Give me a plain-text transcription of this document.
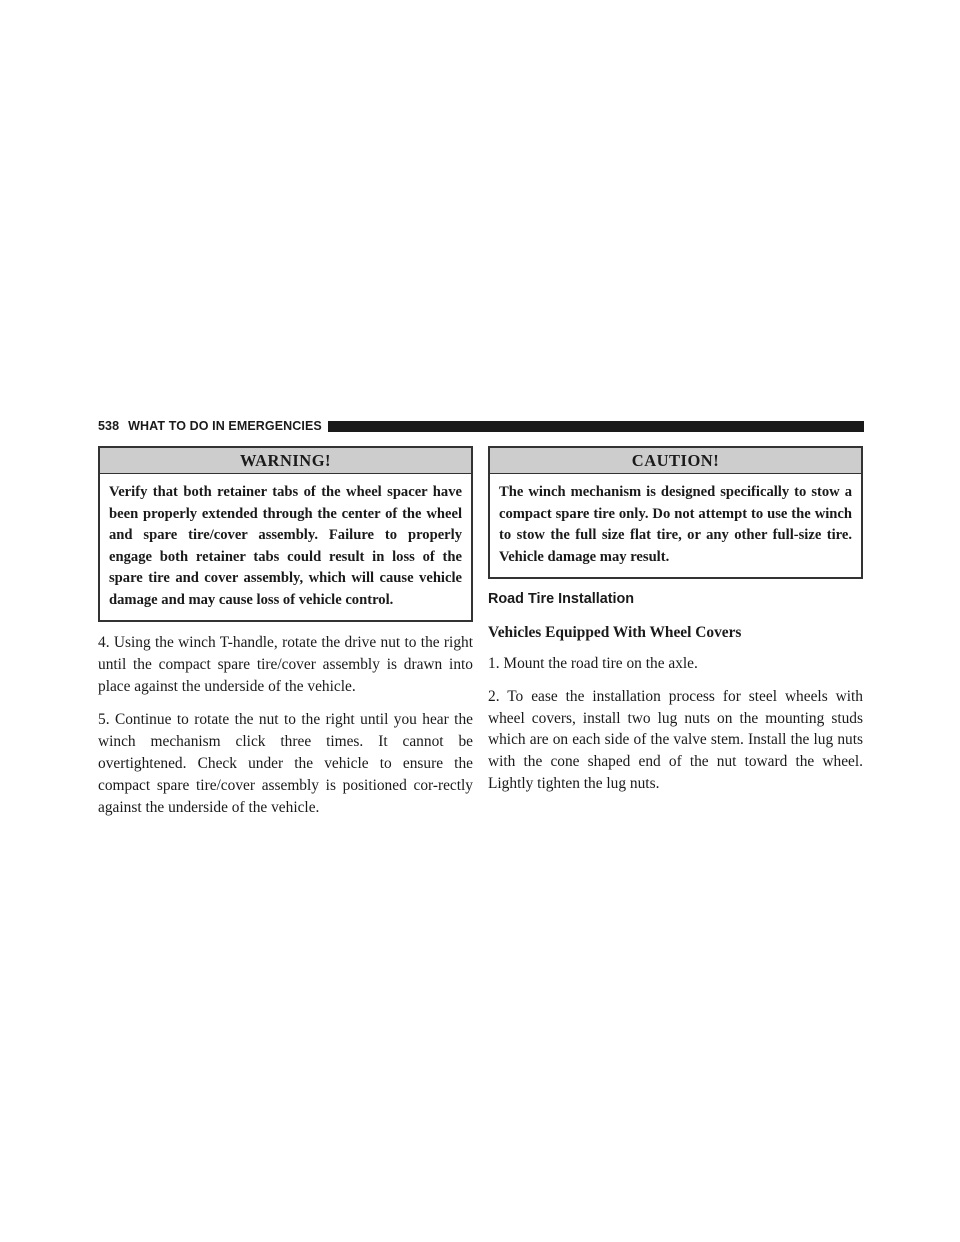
538 WHAT TO DO IN EMERGENCIES
WARNING!
Verify that both retainer tabs of the wheel spacer have been properly extended through the center of the wheel and spare tire/cover assembly. Failure to properly engage both retainer tabs could result in loss of the spare tire and cover assembly, which will cause vehicle damage and may cause loss of vehicle control.

4. Using the winch T-handle, rotate the drive nut to the right until the compact spare tire/cover assembly is drawn into place against the underside of the vehicle.

5. Continue to rotate the nut to the right until you hear the winch mechanism click three times. It cannot be overtightened. Check under the vehicle to ensure the compact spare tire/cover assembly is positioned cor-rectly against the underside of the vehicle.

CAUTION!
The winch mechanism is designed specifically to stow a compact spare tire only. Do not attempt to use the winch to stow the full size flat tire, or any other full-size tire. Vehicle damage may result.
Road Tire Installation
Vehicles Equipped With Wheel Covers

1. Mount the road tire on the axle.

2. To ease the installation process for steel wheels with wheel covers, install two lug nuts on the mounting studs which are on each side of the valve stem. Install the lug nuts with the cone shaped end of the nut toward the wheel. Lightly tighten the lug nuts.
